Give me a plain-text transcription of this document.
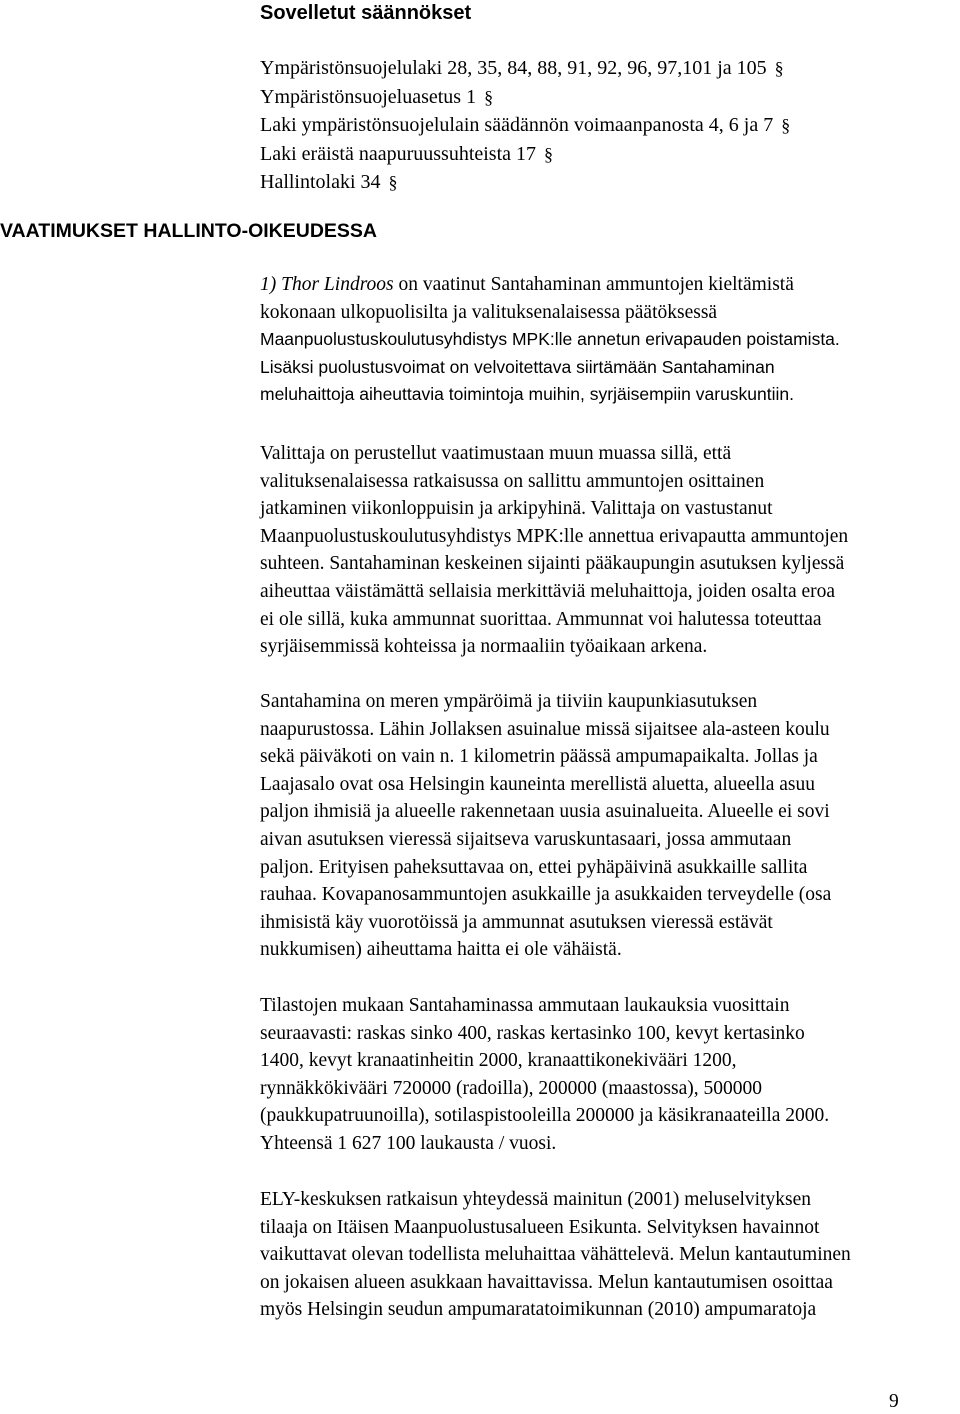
Sovelletut säännökset
Ympäristönsuojelulaki 28, 35, 84, 88, 91, 92, 96, 97,101 ja 105 §
Ympäristönsuojeluasetus 1 §
Laki ympäristönsuojelulain säädännön voimaanpanosta 4, 6 ja 7 §
Laki eräistä naapuruussuhteista 17 §
Hallintolaki 34 §
VAATIMUKSET HALLINTO-OIKEUDESSA
1) Thor Lindroos on vaatinut Santahaminan ammuntojen kieltämistä
kokonaan ulkopuolisilta ja valituksenalaisessa päätöksessä
Maanpuolustuskoulutusyhdistys MPK:lle annetun erivapauden poistamista.
Lisäksi puolustusvoimat on velvoitettava siirtämään Santahaminan
meluhaittoja aiheuttavia toimintoja muihin, syrjäisempiin varuskuntiin.
Valittaja on perustellut vaatimustaan muun muassa sillä, että
valituksenalaisessa ratkaisussa on sallittu ammuntojen osittainen
jatkaminen viikonloppuisin ja arkipyhinä. Valittaja on vastustanut
Maanpuolustuskoulutusyhdistys MPK:lle annettua erivapautta ammuntojen
suhteen. Santahaminan keskeinen sijainti pääkaupungin asutuksen kyljessä
aiheuttaa väistämättä sellaisia merkittäviä meluhaittoja, joiden osalta eroa
ei ole sillä, kuka ammunnat suorittaa. Ammunnat voi halutessa toteuttaa
syrjäisemmissä kohteissa ja normaaliin työaikaan arkena.
Santahamina on meren ympäröimä ja tiiviin kaupunkiasutuksen
naapurustossa. Lähin Jollaksen asuinalue missä sijaitsee ala-asteen koulu
sekä päiväkoti on vain n. 1 kilometrin päässä ampumapaikalta. Jollas ja
Laajasalo ovat osa Helsingin kauneinta merellistä aluetta, alueella asuu
paljon ihmisiä ja alueelle rakennetaan uusia asuinalueita. Alueelle ei sovi
aivan asutuksen vieressä sijaitseva varuskuntasaari, jossa ammutaan
paljon. Erityisen paheksuttavaa on, ettei pyhäpäivinä asukkaille sallita
rauhaa. Kovapanosammuntojen asukkaille ja asukkaiden terveydelle (osa
ihmisistä käy vuorotöissä ja ammunnat asutuksen vieressä estävät
nukkumisen) aiheuttama haitta ei ole vähäistä.
Tilastojen mukaan Santahaminassa ammutaan laukauksia vuosittain
seuraavasti: raskas sinko 400, raskas kertasinko 100, kevyt kertasinko
1400, kevyt kranaatinheitin 2000, kranaattikonekivääri 1200,
rynnäkkökivääri 720000 (radoilla), 200000 (maastossa), 500000
(paukkupatruunoilla), sotilaspistooleilla 200000 ja käsikranaateilla 2000.
Yhteensä 1 627 100 laukausta / vuosi.
ELY-keskuksen ratkaisun yhteydessä mainitun (2001) meluselvityksen
tilaaja on Itäisen Maanpuolustusalueen Esikunta. Selvityksen havainnot
vaikuttavat olevan todellista meluhaittaa vähättelevä. Melun kantautuminen
on jokaisen alueen asukkaan havaittavissa. Melun kantautumisen osoittaa
myös Helsingin seudun ampumaratatoimikunnan (2010) ampumaratoja
9
